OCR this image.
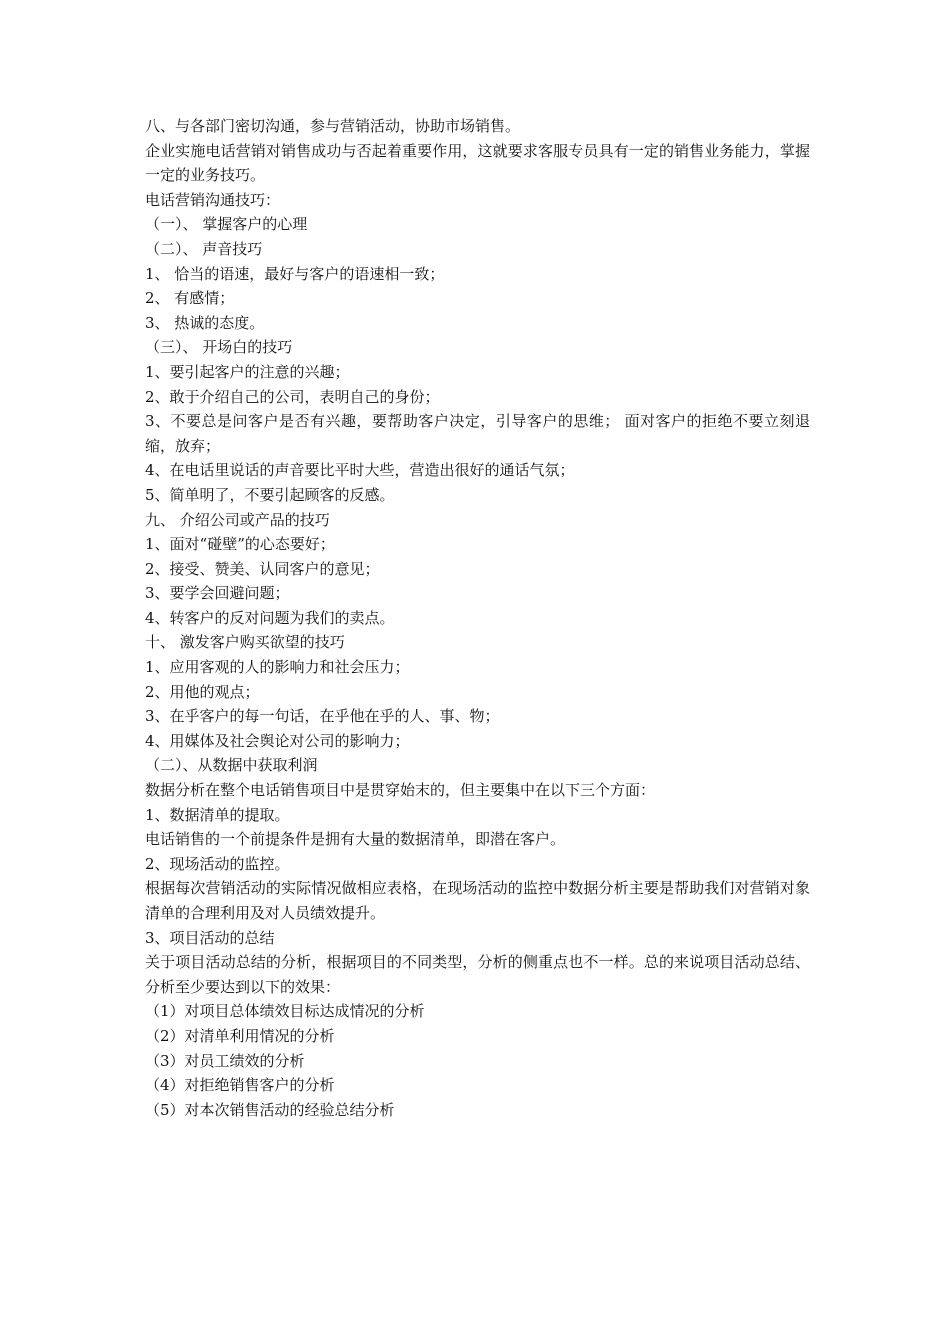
八、与各部门密切沟通，参与营销活动，协助市场销售。

企业实施电话营销对销售成功与否起着重要作用，这就要求客服专员具有一定的销售业务能力，掌握一定的业务技巧。

电话营销沟通技巧：

（一）、 掌握客户的心理

（二）、 声音技巧

1、 恰当的语速，最好与客户的语速相一致；

2、 有感情；

3、 热诚的态度。

（三）、 开场白的技巧

1、要引起客户的注意的兴趣；

2、敢于介绍自己的公司，表明自己的身份；

3、不要总是问客户是否有兴趣，要帮助客户决定，引导客户的思维； 面对客户的拒绝不要立刻退缩，放弃；

4、在电话里说话的声音要比平时大些，营造出很好的通话气氛；

5、简单明了，不要引起顾客的反感。

九、 介绍公司或产品的技巧

1、面对“碰壁”的心态要好；

2、接受、赞美、认同客户的意见；

3、要学会回避问题；

4、转客户的反对问题为我们的卖点。

十、 激发客户购买欲望的技巧

1、应用客观的人的影响力和社会压力；

2、用他的观点；

3、在乎客户的每一句话，在乎他在乎的人、事、物；

4、用媒体及社会舆论对公司的影响力；

（二）、从数据中获取利润

数据分析在整个电话销售项目中是贯穿始末的，但主要集中在以下三个方面：

1、数据清单的提取。

电话销售的一个前提条件是拥有大量的数据清单，即潜在客户。

2、现场活动的监控。

根据每次营销活动的实际情况做相应表格，在现场活动的监控中数据分析主要是帮助我们对营销对象清单的合理利用及对人员绩效提升。

3、项目活动的总结

关于项目活动总结的分析，根据项目的不同类型，分析的侧重点也不一样。总的来说项目活动总结、分析至少要达到以下的效果：

（1）对项目总体绩效目标达成情况的分析

（2）对清单利用情况的分析

（3）对员工绩效的分析

（4）对拒绝销售客户的分析

（5）对本次销售活动的经验总结分析
